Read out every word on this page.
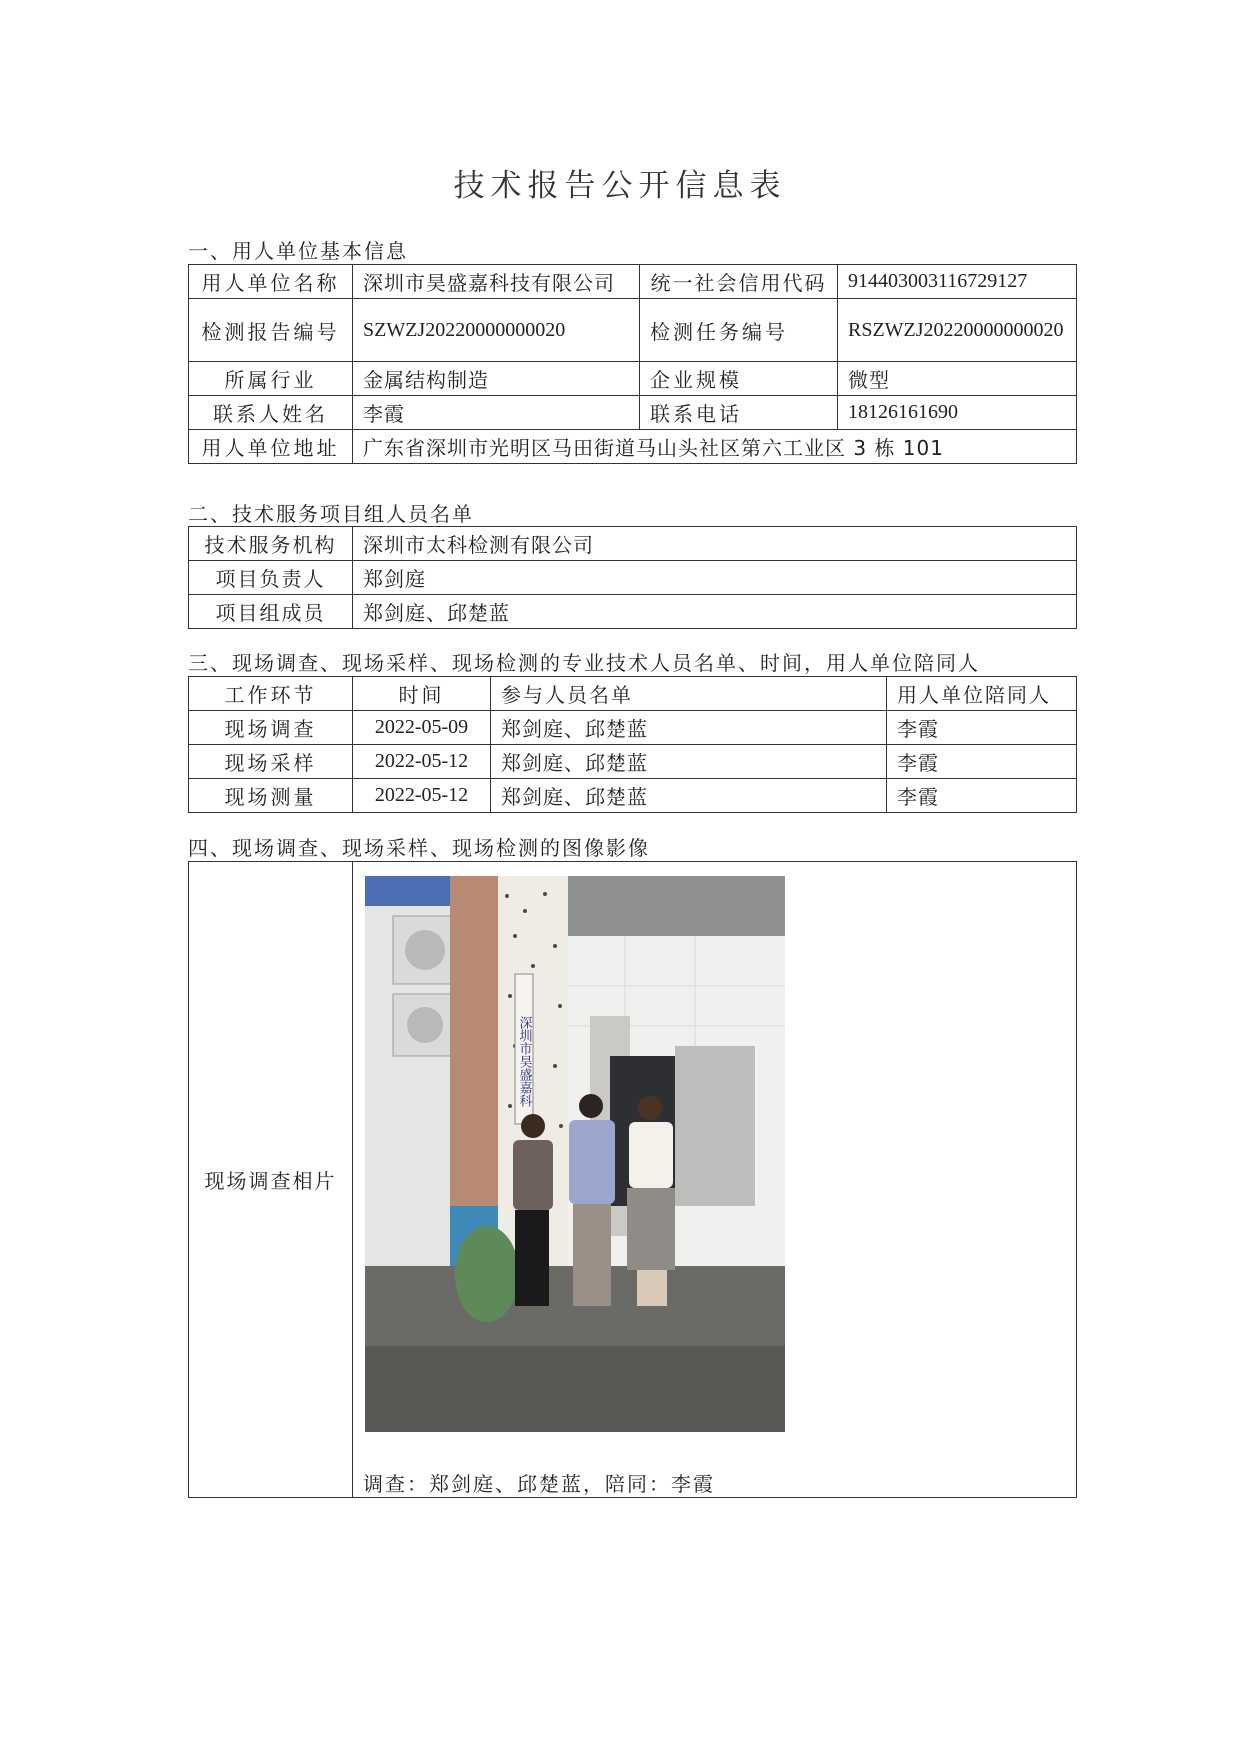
技术报告公开信息表
一、用人单位基本信息
用人单位名称	深圳市昊盛嘉科技有限公司	统一社会信用代码	914403003116729127
检测报告编号	SZWZJ20220000000020	检测任务编号	RSZWZJ20220000000020
所属行业	金属结构制造	企业规模	微型
联系人姓名	李霞	联系电话	18126161690
用人单位地址	广东省深圳市光明区马田街道马山头社区第六工业区 3 栋 101		
二、技术服务项目组人员名单
技术服务机构	深圳市太科检测有限公司
项目负责人	郑剑庭
项目组成员	郑剑庭、邱楚蓝
三、现场调查、现场采样、现场检测的专业技术人员名单、时间，用人单位陪同人
工作环节	时间	参与人员名单	用人单位陪同人
现场调查	2022-05-09	郑剑庭、邱楚蓝	李霞
现场采样	2022-05-12	郑剑庭、邱楚蓝	李霞
现场测量	2022-05-12	郑剑庭、邱楚蓝	李霞
四、现场调查、现场采样、现场检测的图像影像
现场调查相片	
深圳市昊盛嘉科
调查：郑剑庭、邱楚蓝，陪同：李霞
